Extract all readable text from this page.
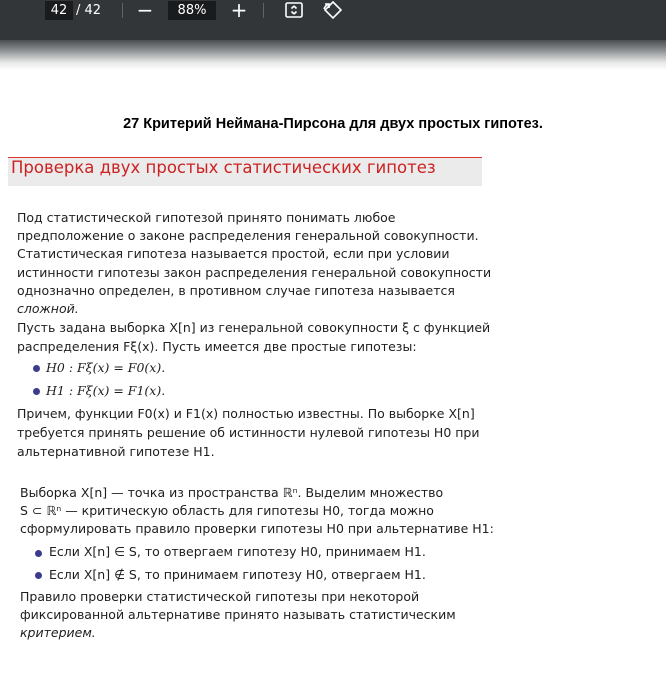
42 / 42 −	88%	+
27 Критерий Неймана-Пирсона для двух простых гипотез.
Проверка двух простых статистических гипотез
Под статистической гипотезой принято понимать любое
предположение о законе распределения генеральной совокупности.
Статистическая гипотеза называется простой, если при условии
истинности гипотезы закон распределения генеральной совокупности
однозначно определен, в противном случае гипотеза называется
сложной.
Пусть задана выборка X[n] из генеральной совокупности ξ с функцией
распределения Fξ(x). Пусть имеется две простые гипотезы:
H0 : Fξ(x) = F0(x).
H1 : Fξ(x) = F1(x).
Причем, функции F0(x) и F1(x) полностью известны. По выборке X[n]
требуется принять решение об истинности нулевой гипотезы H0 при
альтернативной гипотезе H1.
Выборка X[n] — точка из пространства ℝⁿ. Выделим множество
S ⊂ ℝⁿ — критическую область для гипотезы H0, тогда можно
сформулировать правило проверки гипотезы H0 при альтернативе H1:
Если X[n] ∈ S, то отвергаем гипотезу H0, принимаем H1.
Если X[n] ∉ S, то принимаем гипотезу H0, отвергаем H1.
Правило проверки статистической гипотезы при некоторой
фиксированной альтернативе принято называть статистическим
критерием.
